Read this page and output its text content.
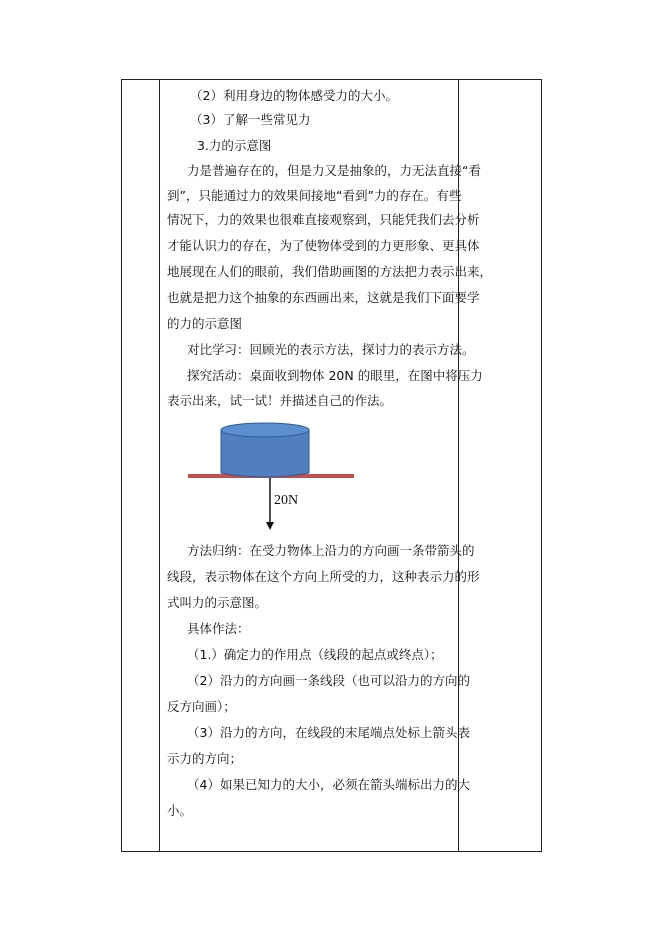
（2）利用身边的物体感受力的大小。
（3）了解一些常见力
3.力的示意图
力是普遍存在的，但是力又是抽象的，力无法直接“看
到”，只能通过力的效果间接地“看到”力的存在。有些
情况下，力的效果也很难直接观察到，只能凭我们去分析
才能认识力的存在，为了使物体受到的力更形象、更具体
地展现在人们的眼前，我们借助画图的方法把力表示出来，
也就是把力这个抽象的东西画出来，这就是我们下面要学
的力的示意图
对比学习：回顾光的表示方法，探讨力的表示方法。
探究活动：桌面收到物体 20N 的眼里，在图中将压力
表示出来，试一试！并描述自己的作法。
20N
方法归纳：在受力物体上沿力的方向画一条带箭头的
线段，表示物体在这个方向上所受的力，这种表示力的形
式叫力的示意图。
具体作法：
（1.）确定力的作用点（线段的起点或终点）；
（2）沿力的方向画一条线段（也可以沿力的方向的
反方向画）；
（3）沿力的方向，在线段的末尾端点处标上箭头表
示力的方向；
（4）如果已知力的大小，必须在箭头端标出力的大
小。
